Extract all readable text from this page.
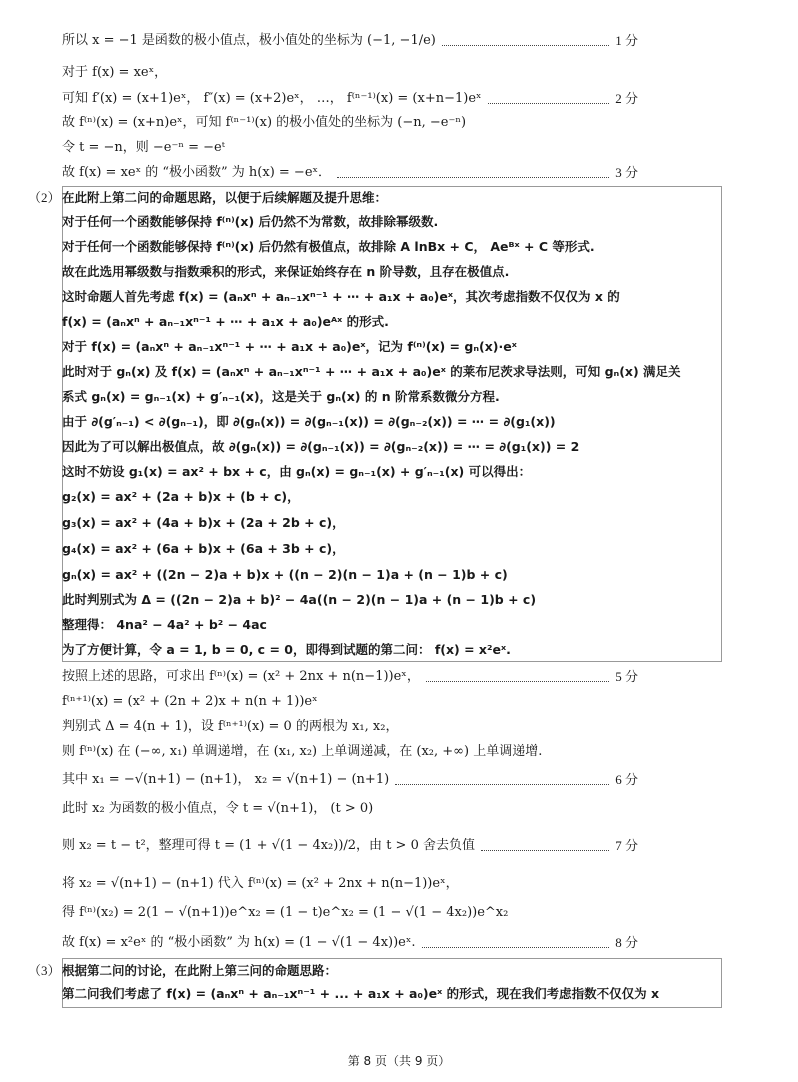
所以 x = −1 是函数的极小值点，极小值处的坐标为 (−1, −1/e)	1 分
对于 f(x) = xeˣ，
可知 f′(x) = (x+1)eˣ， f″(x) = (x+2)eˣ， …， f⁽ⁿ⁻¹⁾(x) = (x+n−1)eˣ	2 分
故 f⁽ⁿ⁾(x) = (x+n)eˣ，可知 f⁽ⁿ⁻¹⁾(x) 的极小值处的坐标为 (−n, −e⁻ⁿ)
令 t = −n，则 −e⁻ⁿ = −eᵗ
故 f(x) = xeˣ 的 “极小函数” 为 h(x) = −eˣ．	3 分
（2） 在此附上第二问的命题思路，以便于后续解题及提升思维：
对于任何一个函数能够保持 f⁽ⁿ⁾(x) 后仍然不为常数，故排除幂级数.
对于任何一个函数能够保持 f⁽ⁿ⁾(x) 后仍然有极值点，故排除 A lnBx + C， Aeᴮˣ + C 等形式.
故在此选用幂级数与指数乘积的形式，来保证始终存在 n 阶导数，且存在极值点.
这时命题人首先考虑 f(x) = (aₙxⁿ + aₙ₋₁xⁿ⁻¹ + ⋯ + a₁x + a₀)eˣ，其次考虑指数不仅仅为 x 的
f(x) = (aₙxⁿ + aₙ₋₁xⁿ⁻¹ + ⋯ + a₁x + a₀)eᴬˣ 的形式.
对于 f(x) = (aₙxⁿ + aₙ₋₁xⁿ⁻¹ + ⋯ + a₁x + a₀)eˣ，记为 f⁽ⁿ⁾(x) = gₙ(x)·eˣ
此时对于 gₙ(x) 及 f(x) = (aₙxⁿ + aₙ₋₁xⁿ⁻¹ + ⋯ + a₁x + a₀)eˣ 的莱布尼茨求导法则，可知 gₙ(x) 满足关
系式 gₙ(x) = gₙ₋₁(x) + g′ₙ₋₁(x)，这是关于 gₙ(x) 的 n 阶常系数微分方程.
由于 ∂(g′ₙ₋₁) < ∂(gₙ₋₁)，即 ∂(gₙ(x)) = ∂(gₙ₋₁(x)) = ∂(gₙ₋₂(x)) = ⋯ = ∂(g₁(x))
因此为了可以解出极值点，故 ∂(gₙ(x)) = ∂(gₙ₋₁(x)) = ∂(gₙ₋₂(x)) = ⋯ = ∂(g₁(x)) = 2
这时不妨设 g₁(x) = ax² + bx + c，由 gₙ(x) = gₙ₋₁(x) + g′ₙ₋₁(x) 可以得出：
g₂(x) = ax² + (2a + b)x + (b + c)，
g₃(x) = ax² + (4a + b)x + (2a + 2b + c)，
g₄(x) = ax² + (6a + b)x + (6a + 3b + c)，
gₙ(x) = ax² + ((2n − 2)a + b)x + ((n − 2)(n − 1)a + (n − 1)b + c)
此时判别式为 Δ = ((2n − 2)a + b)² − 4a((n − 2)(n − 1)a + (n − 1)b + c)
整理得： 4na² − 4a² + b² − 4ac
为了方便计算，令 a = 1, b = 0, c = 0，即得到试题的第二问： f(x) = x²eˣ.
按照上述的思路，可求出 f⁽ⁿ⁾(x) = (x² + 2nx + n(n−1))eˣ，	5 分
f⁽ⁿ⁺¹⁾(x) = (x² + (2n + 2)x + n(n + 1))eˣ
判别式 Δ = 4(n + 1)，设 f⁽ⁿ⁺¹⁾(x) = 0 的两根为 x₁, x₂，
则 f⁽ⁿ⁾(x) 在 (−∞, x₁) 单调递增，在 (x₁, x₂) 上单调递减，在 (x₂, +∞) 上单调递增.
其中 x₁ = −√(n+1) − (n+1)， x₂ = √(n+1) − (n+1)	6 分
此时 x₂ 为函数的极小值点，令 t = √(n+1)， (t > 0)
则 x₂ = t − t²，整理可得 t = (1 + √(1 − 4x₂))/2，由 t > 0 舍去负值	7 分
将 x₂ = √(n+1) − (n+1) 代入 f⁽ⁿ⁾(x) = (x² + 2nx + n(n−1))eˣ，
得 f⁽ⁿ⁾(x₂) = 2(1 − √(n+1))e^x₂ = (1 − t)e^x₂ = (1 − √(1 − 4x₂))e^x₂
故 f(x) = x²eˣ 的 “极小函数” 为 h(x) = (1 − √(1 − 4x))eˣ.	8 分
（3） 根据第二问的讨论，在此附上第三问的命题思路：
第二问我们考虑了 f(x) = (aₙxⁿ + aₙ₋₁xⁿ⁻¹ + ... + a₁x + a₀)eˣ 的形式，现在我们考虑指数不仅仅为 x
第 8 页（共 9 页）
